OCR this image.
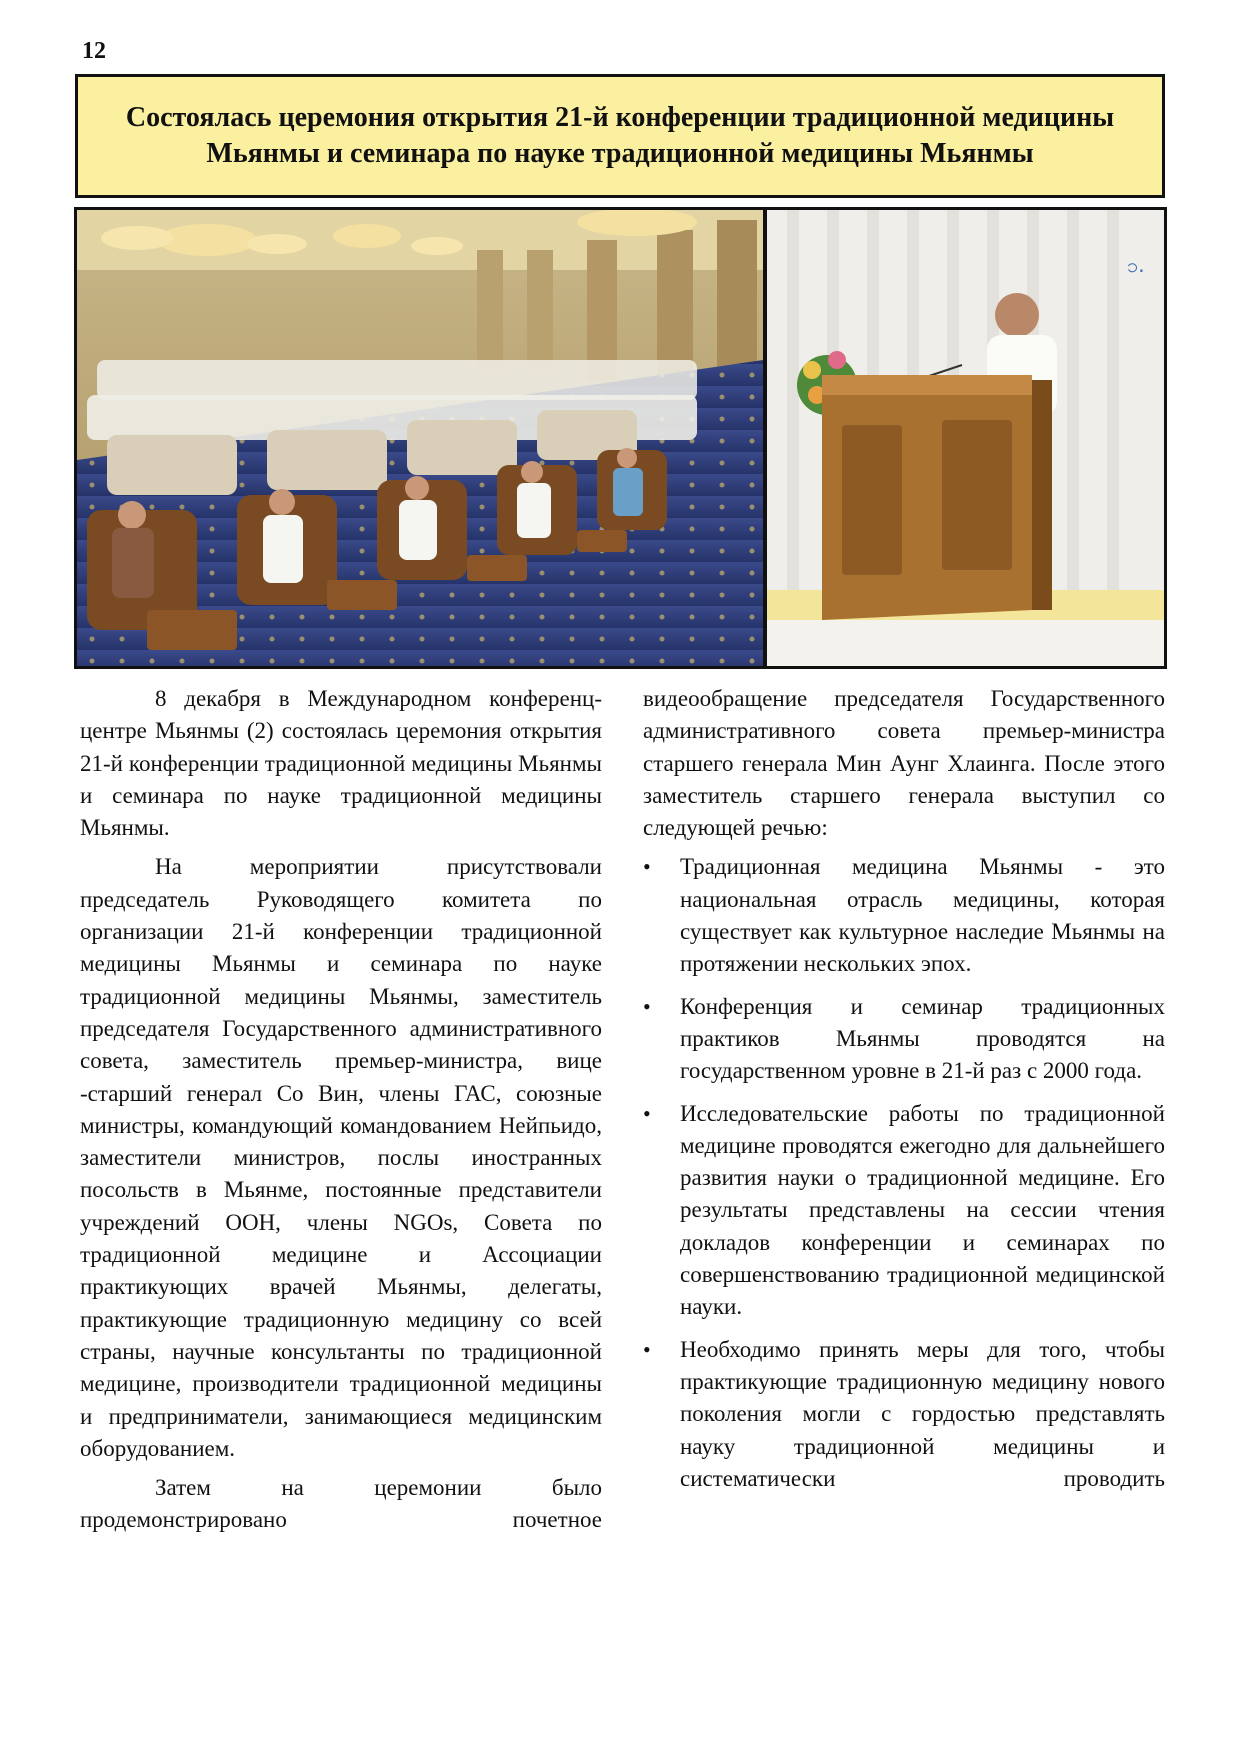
12
Состоялась церемония открытия 21-й конференции традиционной медицины Мьянмы и семинара по науке традиционной медицины Мьянмы
၁.

8 декабря в Международном конференц-центре Мьянмы (2) состоялась церемония открытия 21-й конференции традиционной медицины Мьянмы и семинара по науке традиционной медицины Мьянмы.

На мероприятии присутствовали председатель Руководящего комитета по организации 21-й конференции традиционной медицины Мьянмы и семинара по науке традиционной медицины Мьянмы, заместитель председателя Государственного административного совета, заместитель премьер-министра, вице -старший генерал Со Вин, члены ГАС, союзные министры, командующий командованием Нейпьидо, заместители министров, послы иностранных посольств в Мьянме, постоянные представители учреждений ООН, члены NGOs, Совета по традиционной медицине и Ассоциации практикующих врачей Мьянмы, делегаты, практикующие традиционную медицину со всей страны, научные консультанты по традиционной медицине, производители традиционной медицины и предприниматели, занимающиеся медицинским оборудованием.

Затем на церемонии было продемонстрировано почетное

видеообращение председателя Государственного административного совета премьер-министра старшего генерала Мин Аунг Хлаинга. После этого заместитель старшего генерала выступил со следующей речью:

• Традиционная медицина Мьянмы - это национальная отрасль медицины, которая существует как культурное наследие Мьянмы на протяжении нескольких эпох.
• Конференция и семинар традиционных практиков Мьянмы проводятся на государственном уровне в 21-й раз с 2000 года.
• Исследовательские работы по традиционной медицине проводятся ежегодно для дальнейшего развития науки о традиционной медицине. Его результаты представлены на сессии чтения докладов конференции и семинарах по совершенствованию традиционной медицинской науки.
• Необходимо принять меры для того, чтобы практикующие традиционную медицину нового поколения могли с гордостью представлять науку традиционной медицины и систематически проводить
